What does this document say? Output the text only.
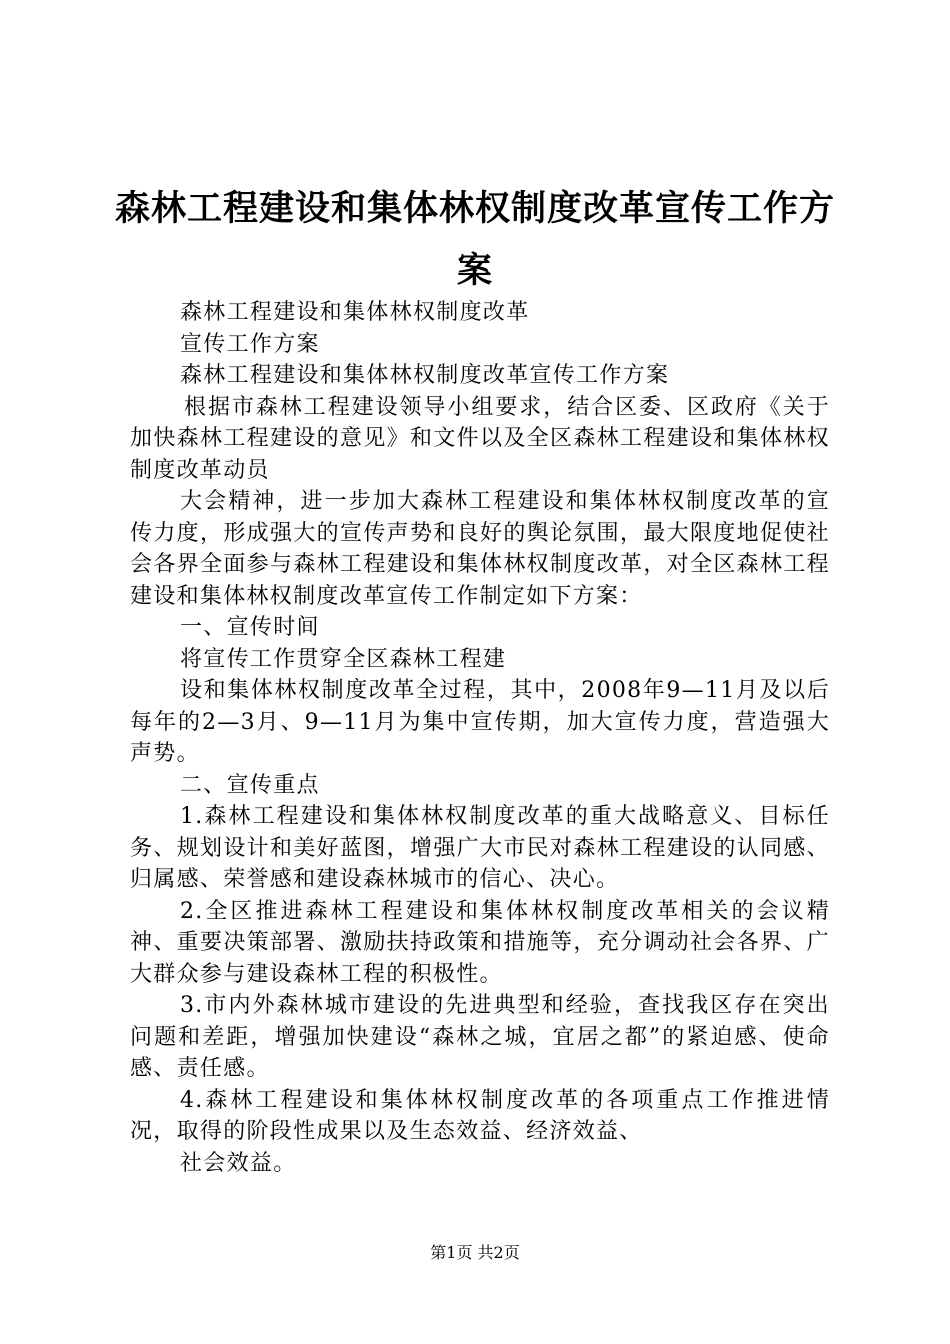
森林工程建设和集体林权制度改革宣传工作方案

森林工程建设和集体林权制度改革

宣传工作方案

森林工程建设和集体林权制度改革宣传工作方案

根据市森林工程建设领导小组要求，结合区委、区政府《关于加快森林工程建设的意见》和文件以及全区森林工程建设和集体林权制度改革动员

大会精神，进一步加大森林工程建设和集体林权制度改革的宣传力度，形成强大的宣传声势和良好的舆论氛围，最大限度地促使社会各界全面参与森林工程建设和集体林权制度改革，对全区森林工程建设和集体林权制度改革宣传工作制定如下方案：

一、宣传时间

将宣传工作贯穿全区森林工程建

设和集体林权制度改革全过程，其中，2008年9—11月及以后每年的2—3月、9—11月为集中宣传期，加大宣传力度，营造强大声势。

二、宣传重点

1.森林工程建设和集体林权制度改革的重大战略意义、目标任务、规划设计和美好蓝图，增强广大市民对森林工程建设的认同感、归属感、荣誉感和建设森林城市的信心、决心。

2.全区推进森林工程建设和集体林权制度改革相关的会议精神、重要决策部署、激励扶持政策和措施等，充分调动社会各界、广大群众参与建设森林工程的积极性。

3.市内外森林城市建设的先进典型和经验，查找我区存在突出问题和差距，增强加快建设“森林之城，宜居之都”的紧迫感、使命感、责任感。

4.森林工程建设和集体林权制度改革的各项重点工作推进情况，取得的阶段性成果以及生态效益、经济效益、

社会效益。

第1页 共2页
